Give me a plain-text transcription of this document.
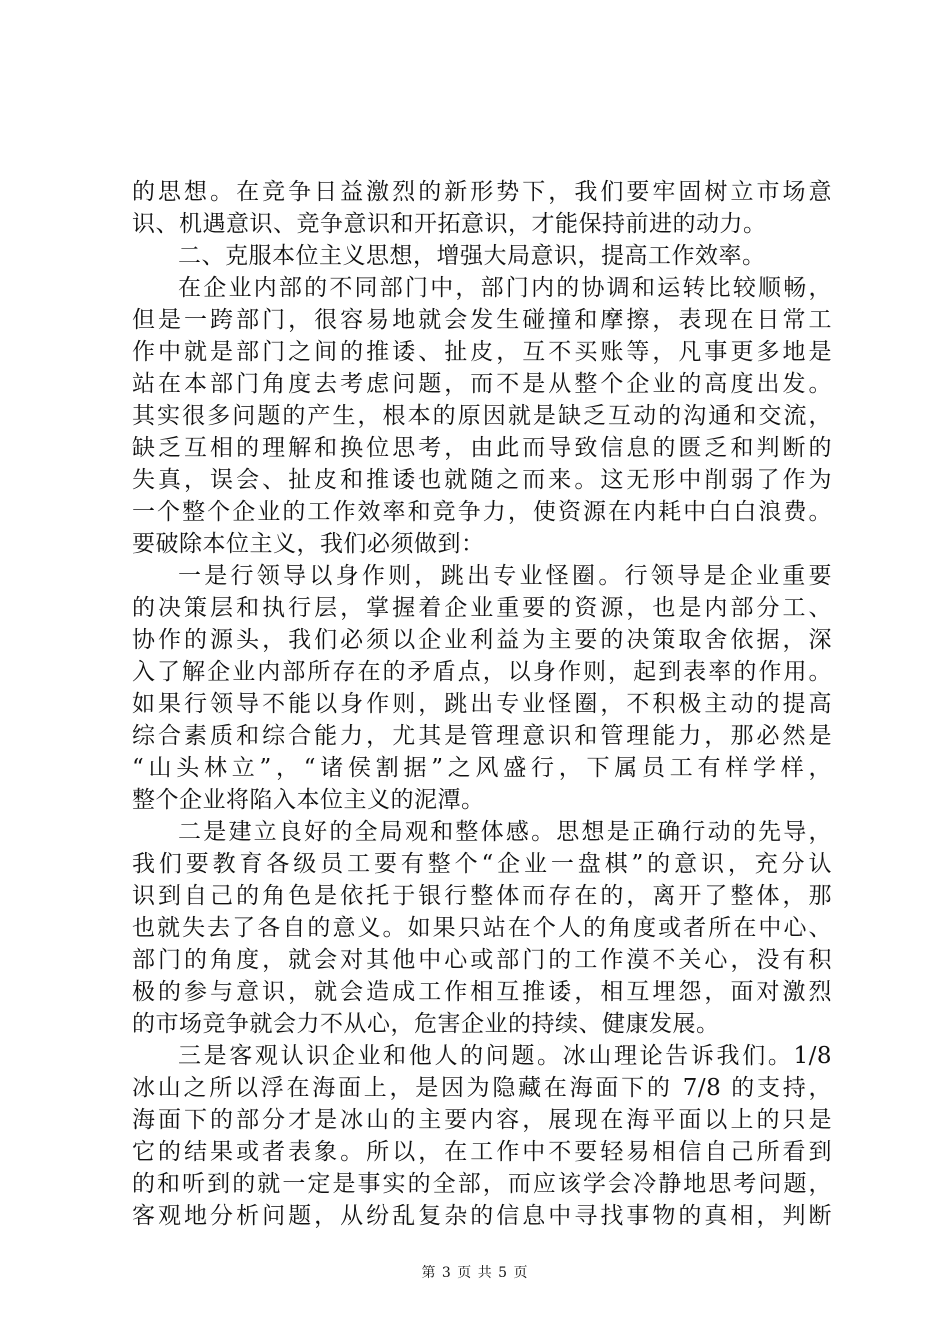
的思想。在竞争日益激烈的新形势下，我们要牢固树立市场意
识、机遇意识、竞争意识和开拓意识，才能保持前进的动力。
二、克服本位主义思想，增强大局意识，提高工作效率。
在企业内部的不同部门中，部门内的协调和运转比较顺畅，
但是一跨部门，很容易地就会发生碰撞和摩擦，表现在日常工
作中就是部门之间的推诿、扯皮，互不买账等，凡事更多地是
站在本部门角度去考虑问题，而不是从整个企业的高度出发。
其实很多问题的产生，根本的原因就是缺乏互动的沟通和交流，
缺乏互相的理解和换位思考，由此而导致信息的匮乏和判断的
失真，误会、扯皮和推诿也就随之而来。这无形中削弱了作为
一个整个企业的工作效率和竞争力，使资源在内耗中白白浪费。
要破除本位主义，我们必须做到：
一是行领导以身作则，跳出专业怪圈。行领导是企业重要
的决策层和执行层，掌握着企业重要的资源，也是内部分工、
协作的源头，我们必须以企业利益为主要的决策取舍依据，深
入了解企业内部所存在的矛盾点，以身作则，起到表率的作用。
如果行领导不能以身作则，跳出专业怪圈，不积极主动的提高
综合素质和综合能力，尤其是管理意识和管理能力，那必然是
“山头林立”，“诸侯割据”之风盛行，下属员工有样学样，
整个企业将陷入本位主义的泥潭。
二是建立良好的全局观和整体感。思想是正确行动的先导，
我们要教育各级员工要有整个“企业一盘棋”的意识，充分认
识到自己的角色是依托于银行整体而存在的，离开了整体，那
也就失去了各自的意义。如果只站在个人的角度或者所在中心、
部门的角度，就会对其他中心或部门的工作漠不关心，没有积
极的参与意识，就会造成工作相互推诿，相互埋怨，面对激烈
的市场竞争就会力不从心，危害企业的持续、健康发展。
三是客观认识企业和他人的问题。冰山理论告诉我们。1/8
冰山之所以浮在海面上，是因为隐藏在海面下的 7/8 的支持，
海面下的部分才是冰山的主要内容，展现在海平面以上的只是
它的结果或者表象。所以，在工作中不要轻易相信自己所看到
的和听到的就一定是事实的全部，而应该学会冷静地思考问题，
客观地分析问题，从纷乱复杂的信息中寻找事物的真相，判断
第 3 页 共 5 页
